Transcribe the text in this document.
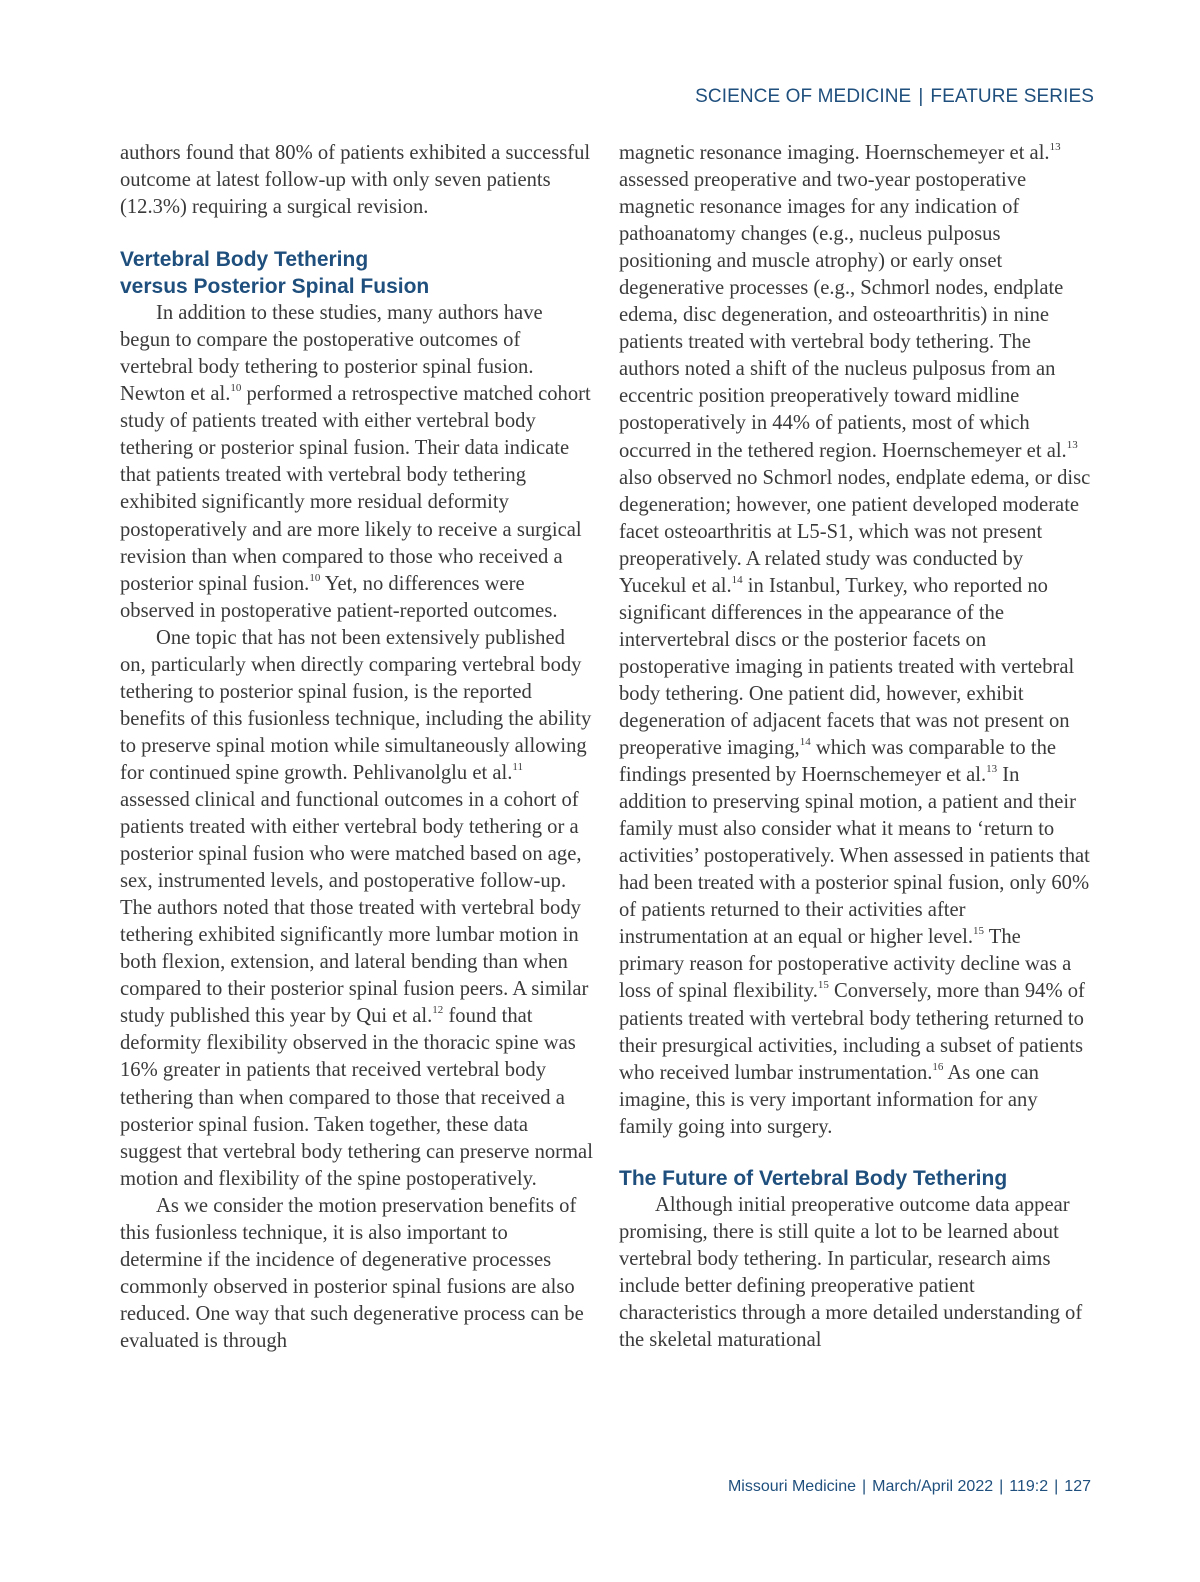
SCIENCE OF MEDICINE | FEATURE SERIES

authors found that 80% of patients exhibited a successful outcome at latest follow-up with only seven patients (12.3%) requiring a surgical revision.

Vertebral Body Tethering
versus Posterior Spinal Fusion

In addition to these studies, many authors have begun to compare the postoperative outcomes of vertebral body tethering to posterior spinal fusion. Newton et al.$^{10}$ performed a retrospective matched cohort study of patients treated with either vertebral body tethering or posterior spinal fusion. Their data indicate that patients treated with vertebral body tethering exhibited significantly more residual deformity postoperatively and are more likely to receive a surgical revision than when compared to those who received a posterior spinal fusion.$^{10}$ Yet, no differences were observed in postoperative patient-reported outcomes.

One topic that has not been extensively published on, particularly when directly comparing vertebral body tethering to posterior spinal fusion, is the reported benefits of this fusionless technique, including the ability to preserve spinal motion while simultaneously allowing for continued spine growth. Pehlivanolglu et al.$^{11}$ assessed clinical and functional outcomes in a cohort of patients treated with either vertebral body tethering or a posterior spinal fusion who were matched based on age, sex, instrumented levels, and postoperative follow-up. The authors noted that those treated with vertebral body tethering exhibited significantly more lumbar motion in both flexion, extension, and lateral bending than when compared to their posterior spinal fusion peers. A similar study published this year by Qui et al.$^{12}$ found that deformity flexibility observed in the thoracic spine was 16% greater in patients that received vertebral body tethering than when compared to those that received a posterior spinal fusion. Taken together, these data suggest that vertebral body tethering can preserve normal motion and flexibility of the spine postoperatively.

As we consider the motion preservation benefits of this fusionless technique, it is also important to determine if the incidence of degenerative processes commonly observed in posterior spinal fusions are also reduced. One way that such degenerative process can be evaluated is through

magnetic resonance imaging. Hoernschemeyer et al.$^{13}$ assessed preoperative and two-year postoperative magnetic resonance images for any indication of pathoanatomy changes (e.g., nucleus pulposus positioning and muscle atrophy) or early onset degenerative processes (e.g., Schmorl nodes, endplate edema, disc degeneration, and osteoarthritis) in nine patients treated with vertebral body tethering. The authors noted a shift of the nucleus pulposus from an eccentric position preoperatively toward midline postoperatively in 44% of patients, most of which occurred in the tethered region. Hoernschemeyer et al.$^{13}$ also observed no Schmorl nodes, endplate edema, or disc degeneration; however, one patient developed moderate facet osteoarthritis at L5-S1, which was not present preoperatively. A related study was conducted by Yucekul et al.$^{14}$ in Istanbul, Turkey, who reported no significant differences in the appearance of the intervertebral discs or the posterior facets on postoperative imaging in patients treated with vertebral body tethering. One patient did, however, exhibit degeneration of adjacent facets that was not present on preoperative imaging,$^{14}$ which was comparable to the findings presented by Hoernschemeyer et al.$^{13}$ In addition to preserving spinal motion, a patient and their family must also consider what it means to ‘return to activities’ postoperatively. When assessed in patients that had been treated with a posterior spinal fusion, only 60% of patients returned to their activities after instrumentation at an equal or higher level.$^{15}$ The primary reason for postoperative activity decline was a loss of spinal flexibility.$^{15}$ Conversely, more than 94% of patients treated with vertebral body tethering returned to their presurgical activities, including a subset of patients who received lumbar instrumentation.$^{16}$ As one can imagine, this is very important information for any family going into surgery.

The Future of Vertebral Body Tethering

Although initial preoperative outcome data appear promising, there is still quite a lot to be learned about vertebral body tethering. In particular, research aims include better defining preoperative patient characteristics through a more detailed understanding of the skeletal maturational

Missouri Medicine | March/April 2022 | 119:2 | 127
